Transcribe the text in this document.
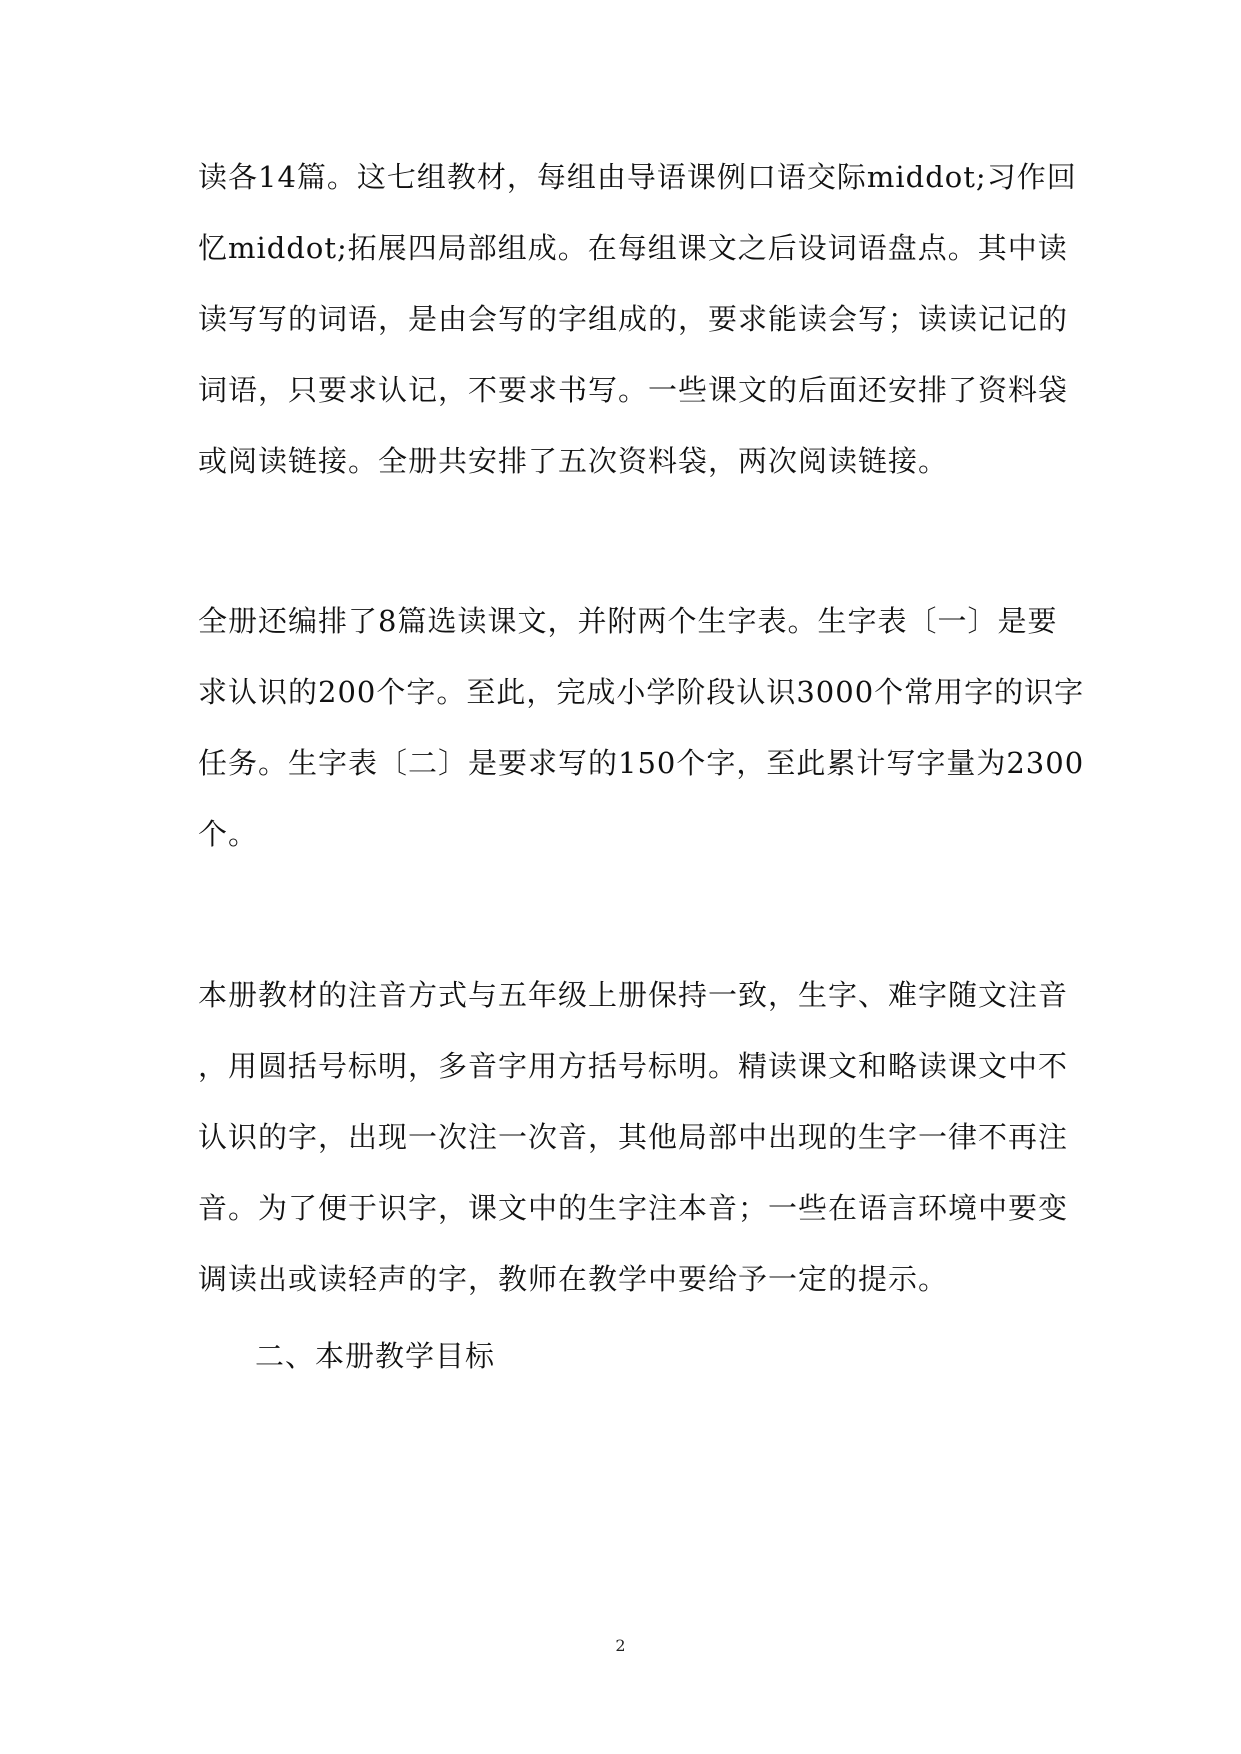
读各14篇。这七组教材，每组由导语课例口语交际middot;习作回
忆middot;拓展四局部组成。在每组课文之后设词语盘点。其中读
读写写的词语，是由会写的字组成的，要求能读会写；读读记记的
词语，只要求认记，不要求书写。一些课文的后面还安排了资料袋
或阅读链接。全册共安排了五次资料袋，两次阅读链接。
全册还编排了8篇选读课文，并附两个生字表。生字表〔一〕是要
求认识的200个字。至此，完成小学阶段认识3000个常用字的识字
任务。生字表〔二〕是要求写的150个字，至此累计写字量为2300
个。
本册教材的注音方式与五年级上册保持一致，生字、难字随文注音
，用圆括号标明，多音字用方括号标明。精读课文和略读课文中不
认识的字，出现一次注一次音，其他局部中出现的生字一律不再注
音。为了便于识字，课文中的生字注本音；一些在语言环境中要变
调读出或读轻声的字，教师在教学中要给予一定的提示。
二、本册教学目标
2
